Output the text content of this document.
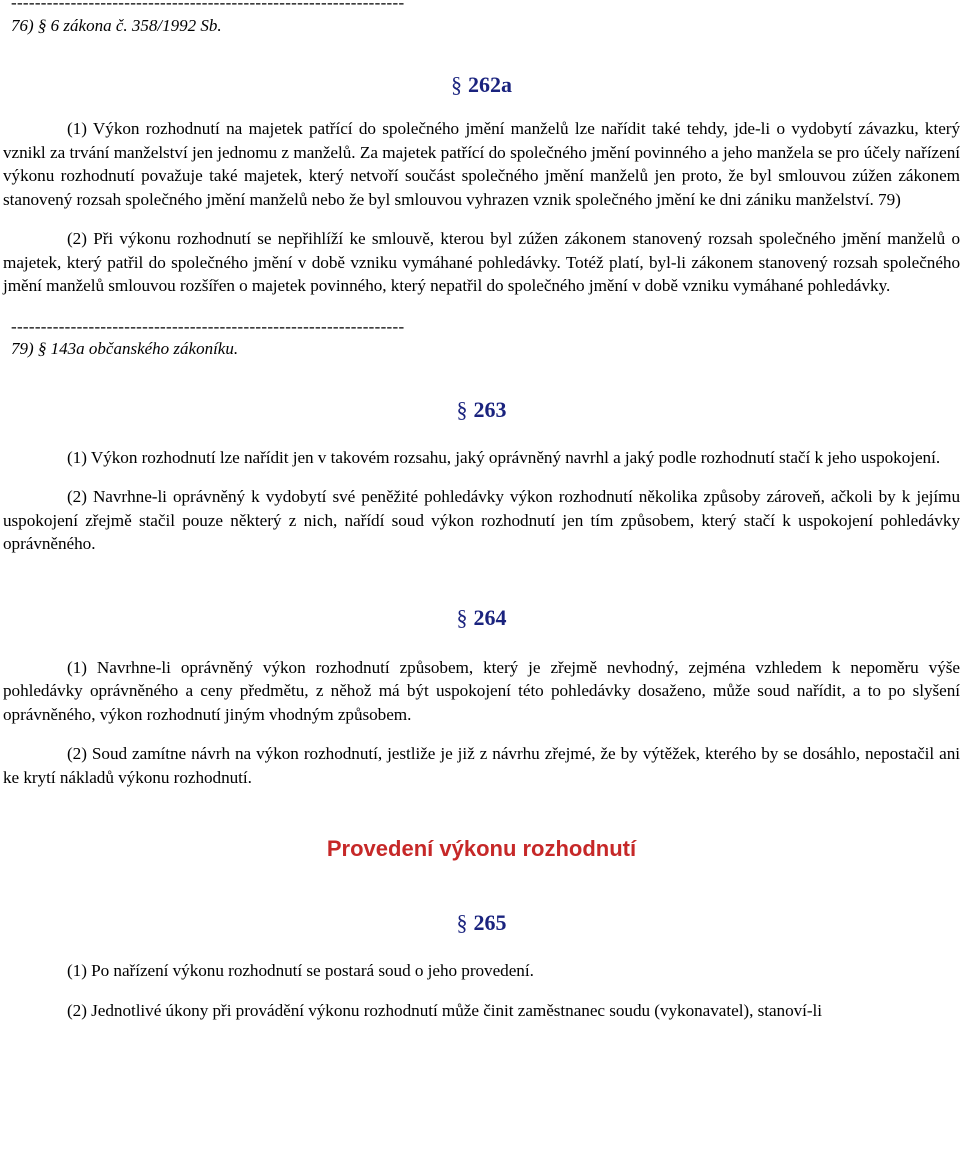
------------------------------------------------------------------
76) § 6 zákona č. 358/1992 Sb.
§ 262a

(1) Výkon rozhodnutí na majetek patřící do společného jmění manželů lze nařídit také tehdy, jde-li o vydobytí závazku, který vznikl za trvání manželství jen jednomu z manželů. Za majetek patřící do společného jmění povinného a jeho manžela se pro účely nařízení výkonu rozhodnutí považuje také majetek, který netvoří součást společného jmění manželů jen proto, že byl smlouvou zúžen zákonem stanovený rozsah společného jmění manželů nebo že byl smlouvou vyhrazen vznik společného jmění ke dni zániku manželství. 79)

(2) Při výkonu rozhodnutí se nepřihlíží ke smlouvě, kterou byl zúžen zákonem stanovený rozsah společného jmění manželů o majetek, který patřil do společného jmění v době vzniku vymáhané pohledávky. Totéž platí, byl-li zákonem stanovený rozsah společného jmění manželů smlouvou rozšířen o majetek povinného, který nepatřil do společného jmění v době vzniku vymáhané pohledávky.

------------------------------------------------------------------
79) § 143a občanského zákoníku.
§ 263

(1) Výkon rozhodnutí lze nařídit jen v takovém rozsahu, jaký oprávněný navrhl a jaký podle rozhodnutí stačí k jeho uspokojení.

(2) Navrhne-li oprávněný k vydobytí své peněžité pohledávky výkon rozhodnutí několika způsoby zároveň, ačkoli by k jejímu uspokojení zřejmě stačil pouze některý z nich, nařídí soud výkon rozhodnutí jen tím způsobem, který stačí k uspokojení pohledávky oprávněného.

§ 264

(1) Navrhne-li oprávněný výkon rozhodnutí způsobem, který je zřejmě nevhodný, zejména vzhledem k nepoměru výše pohledávky oprávněného a ceny předmětu, z něhož má být uspokojení této pohledávky dosaženo, může soud nařídit, a to po slyšení oprávněného, výkon rozhodnutí jiným vhodným způsobem.

(2) Soud zamítne návrh na výkon rozhodnutí, jestliže je již z návrhu zřejmé, že by výtěžek, kterého by se dosáhlo, nepostačil ani ke krytí nákladů výkonu rozhodnutí.

Provedení výkonu rozhodnutí
§ 265

(1) Po nařízení výkonu rozhodnutí se postará soud o jeho provedení.

(2) Jednotlivé úkony při provádění výkonu rozhodnutí může činit zaměstnanec soudu (vykonavatel), stanoví-li
